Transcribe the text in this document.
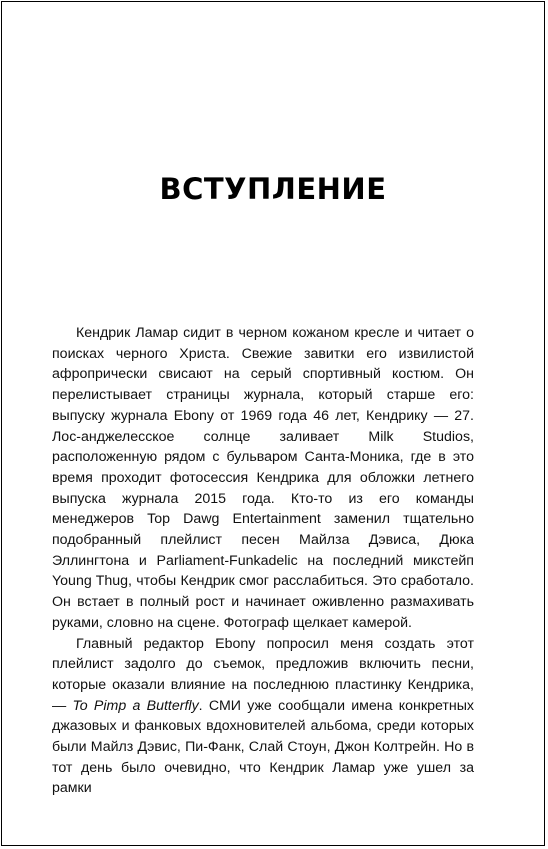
ВСТУПЛЕНИЕ

Кендрик Ламар сидит в черном кожаном кресле и читает о поисках черного Христа. Свежие завитки его извилистой афропрически свисают на серый спортивный костюм. Он перелистывает страницы журнала, который старше его: выпуску журнала Ebony от 1969 года 46 лет, Кендрику — 27. Лос-анджелесское солнце заливает Milk Studios, расположенную рядом с бульваром Санта-Моника, где в это время проходит фотосессия Кендрика для обложки летнего выпуска журнала 2015 года. Кто-то из его команды менеджеров Top Dawg Entertainment заменил тщательно подобранный плейлист песен Майлза Дэвиса, Дюка Эллингтона и Parliament-Funkadelic на последний микстейп Young Thug, чтобы Кендрик смог расслабиться. Это сработало. Он встает в полный рост и начинает оживленно размахивать руками, словно на сцене. Фотограф щелкает камерой.

Главный редактор Ebony попросил меня создать этот плейлист задолго до съемок, предложив включить песни, которые оказали влияние на последнюю пластинку Кендрика, — To Pimp a Butterfly. СМИ уже сообщали имена конкретных джазовых и фанковых вдохновителей альбома, среди которых были Майлз Дэвис, Пи-Фанк, Слай Стоун, Джон Колтрейн. Но в тот день было очевидно, что Кендрик Ламар уже ушел за рамки
